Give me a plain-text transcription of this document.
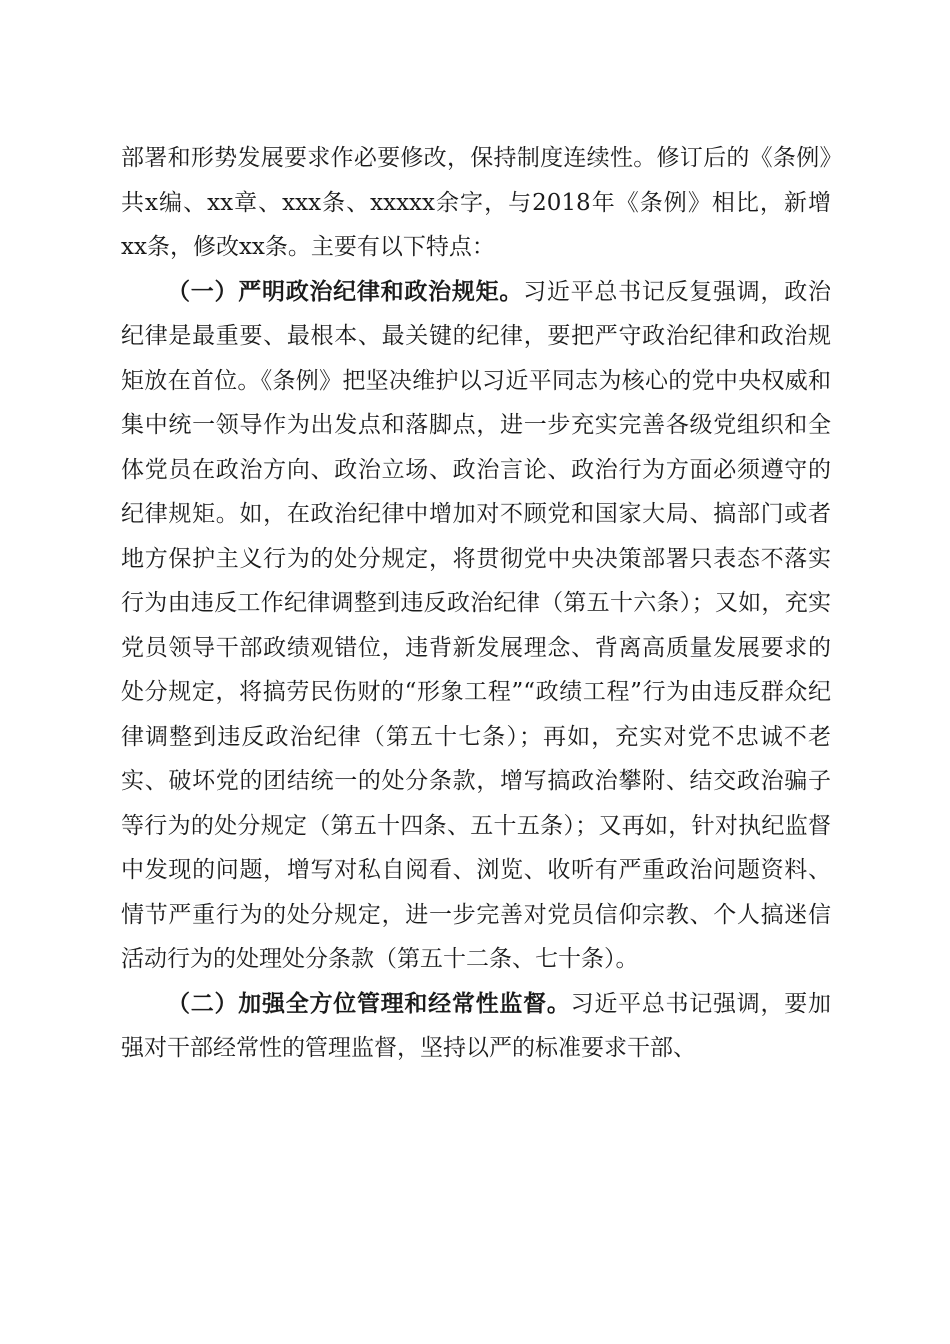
部署和形势发展要求作必要修改，保持制度连续性。修订后的《条例》共x编、xx章、xxx条、xxxxx余字，与2018年《条例》相比，新增xx条，修改xx条。主要有以下特点：

（一）严明政治纪律和政治规矩。习近平总书记反复强调，政治纪律是最重要、最根本、最关键的纪律，要把严守政治纪律和政治规矩放在首位。《条例》把坚决维护以习近平同志为核心的党中央权威和集中统一领导作为出发点和落脚点，进一步充实完善各级党组织和全体党员在政治方向、政治立场、政治言论、政治行为方面必须遵守的纪律规矩。如，在政治纪律中增加对不顾党和国家大局、搞部门或者地方保护主义行为的处分规定，将贯彻党中央决策部署只表态不落实行为由违反工作纪律调整到违反政治纪律（第五十六条）；又如，充实党员领导干部政绩观错位，违背新发展理念、背离高质量发展要求的处分规定，将搞劳民伤财的“形象工程”“政绩工程”行为由违反群众纪律调整到违反政治纪律（第五十七条）；再如，充实对党不忠诚不老实、破坏党的团结统一的处分条款，增写搞政治攀附、结交政治骗子等行为的处分规定（第五十四条、五十五条）；又再如，针对执纪监督中发现的问题，增写对私自阅看、浏览、收听有严重政治问题资料、情节严重行为的处分规定，进一步完善对党员信仰宗教、个人搞迷信活动行为的处理处分条款（第五十二条、七十条）。

（二）加强全方位管理和经常性监督。习近平总书记强调，要加强对干部经常性的管理监督，坚持以严的标准要求干部、
